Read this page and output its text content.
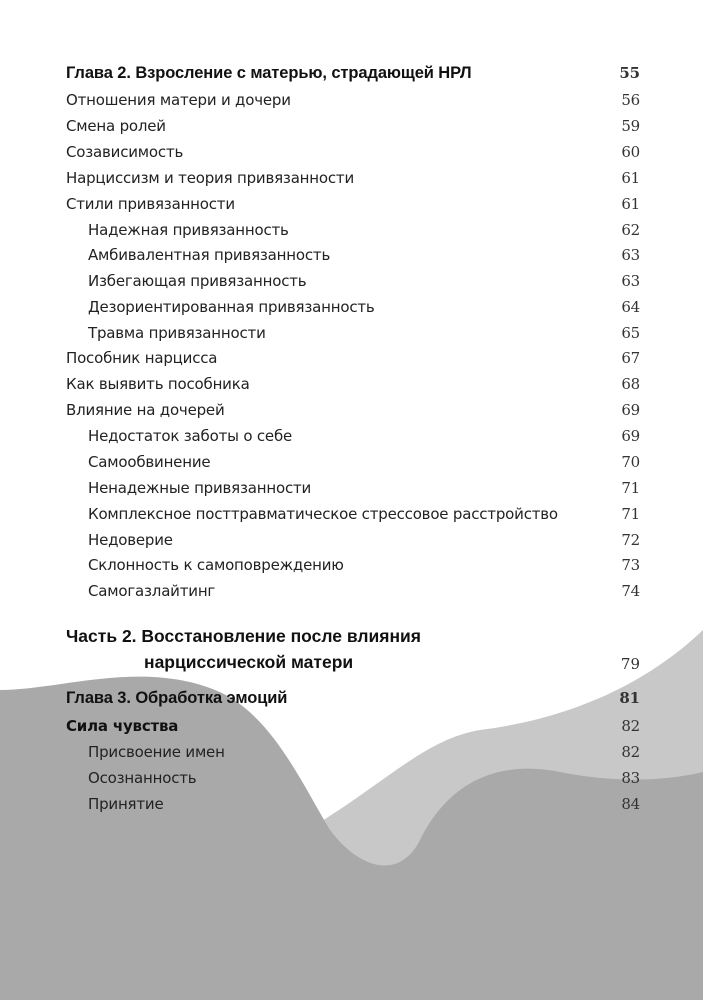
Глава 2. Взросление с матерью, страдающей НРЛ	55
Отношения матери и дочери	56
Смена ролей	59
Созависимость	60
Нарциссизм и теория привязанности	61
Стили привязанности	61
Надежная привязанность	62
Амбивалентная привязанность	63
Избегающая привязанность	63
Дезориентированная привязанность	64
Травма привязанности	65
Пособник нарцисса	67
Как выявить пособника	68
Влияние на дочерей	69
Недостаток заботы о себе	69
Самообвинение	70
Ненадежные привязанности	71
Комплексное посттравматическое стрессовое расстройство	71
Недоверие	72
Склонность к самоповреждению	73
Самогазлайтинг	74
Часть 2. Восстановление после влияния
нарциссической матери	79
Глава 3. Обработка эмоций	81
Сила чувства	82
Присвоение имен	82
Осознанность	83
Принятие	84
